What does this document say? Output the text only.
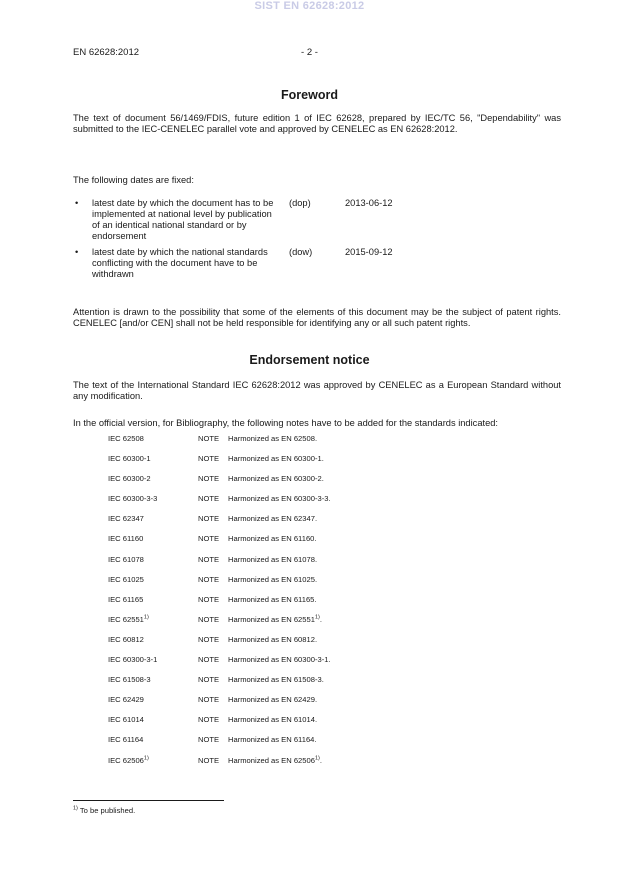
SIST EN 62628:2012
EN 62628:2012	- 2 -
Foreword
The text of document 56/1469/FDIS, future edition 1 of IEC 62628, prepared by IEC/TC 56, "Dependability" was submitted to the IEC-CENELEC parallel vote and approved by CENELEC as EN 62628:2012.
The following dates are fixed:
• latest date by which the document has to be implemented at national level by publication of an identical national standard or by endorsement
(dop)	2013-06-12
• latest date by which the national standards conflicting with the document have to be withdrawn
(dow)	2015-09-12
Attention is drawn to the possibility that some of the elements of this document may be the subject of patent rights. CENELEC [and/or CEN] shall not be held responsible for identifying any or all such patent rights.
Endorsement notice
The text of the International Standard IEC 62628:2012 was approved by CENELEC as a European Standard without any modification.
In the official version, for Bibliography, the following notes have to be added for the standards indicated:
IEC 62508	NOTE Harmonized as EN 62508.
IEC 60300-1	NOTE Harmonized as EN 60300-1.
IEC 60300-2	NOTE Harmonized as EN 60300-2.
IEC 60300-3-3	NOTE Harmonized as EN 60300-3-3.
IEC 62347	NOTE Harmonized as EN 62347.
IEC 61160	NOTE Harmonized as EN 61160.
IEC 61078	NOTE Harmonized as EN 61078.
IEC 61025	NOTE Harmonized as EN 61025.
IEC 61165	NOTE Harmonized as EN 61165.
IEC 62551$^{1)}$	NOTE Harmonized as EN 62551$^{1)}$.
IEC 60812	NOTE Harmonized as EN 60812.
IEC 60300-3-1	NOTE Harmonized as EN 60300-3-1.
IEC 61508-3	NOTE Harmonized as EN 61508-3.
IEC 62429	NOTE Harmonized as EN 62429.
IEC 61014	NOTE Harmonized as EN 61014.
IEC 61164	NOTE Harmonized as EN 61164.
IEC 62506$^{1)}$	NOTE Harmonized as EN 62506$^{1)}$.
$^{1)}$ To be published.
